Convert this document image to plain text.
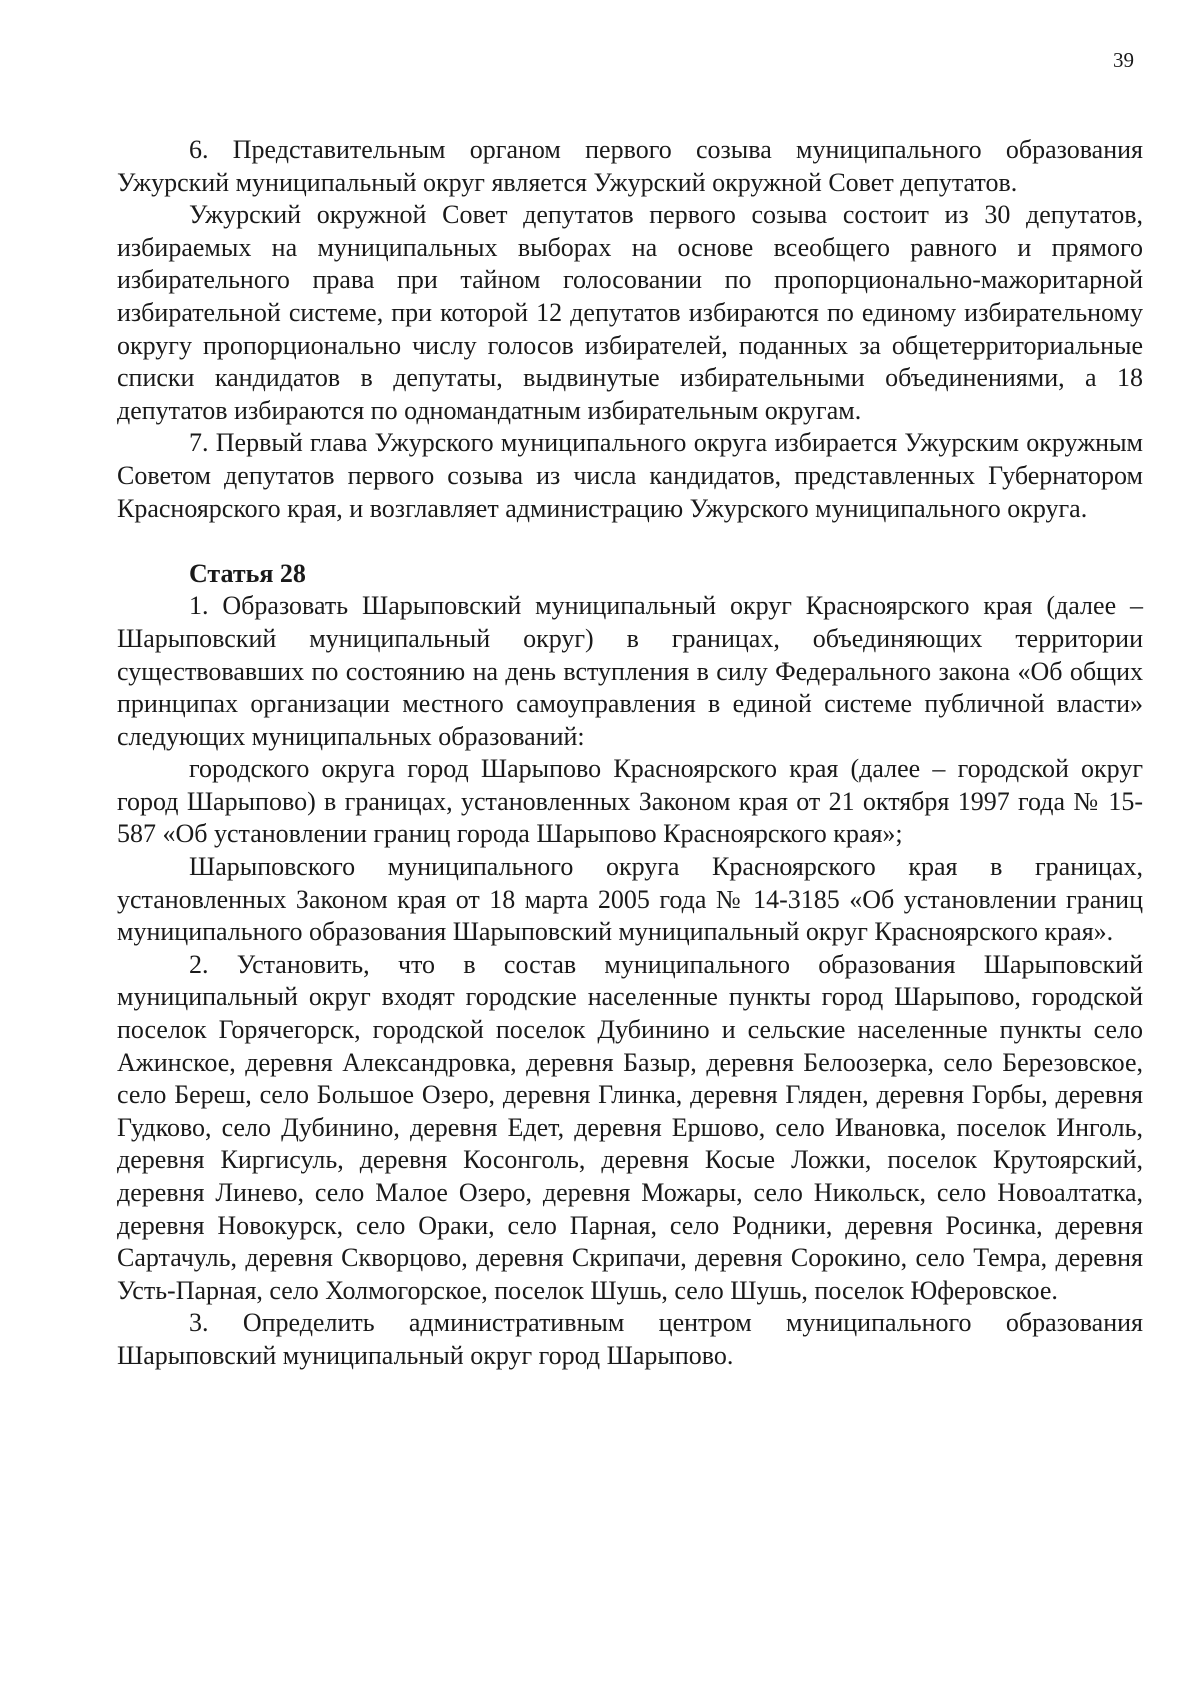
39

6. Представительным органом первого созыва муниципального образования Ужурский муниципальный округ является Ужурский окружной Совет депутатов.

Ужурский окружной Совет депутатов первого созыва состоит из 30 депутатов, избираемых на муниципальных выборах на основе всеобщего равного и прямого избирательного права при тайном голосовании по пропорционально-мажоритарной избирательной системе, при которой 12 депутатов избираются по единому избирательному округу пропорционально числу голосов избирателей, поданных за общетерриториальные списки кандидатов в депутаты, выдвинутые избирательными объединениями, а 18 депутатов избираются по одномандатным избирательным округам.

7. Первый глава Ужурского муниципального округа избирается Ужурским окружным Советом депутатов первого созыва из числа кандидатов, представленных Губернатором Красноярского края, и возглавляет администрацию Ужурского муниципального округа.

Статья 28

1. Образовать Шарыповский муниципальный округ Красноярского края (далее – Шарыповский муниципальный округ) в границах, объединяющих территории существовавших по состоянию на день вступления в силу Федерального закона «Об общих принципах организации местного самоуправления в единой системе публичной власти» следующих муниципальных образований:

городского округа город Шарыпово Красноярского края (далее – городской округ город Шарыпово) в границах, установленных Законом края от 21 октября 1997 года № 15-587 «Об установлении границ города Шарыпово Красноярского края»;

Шарыповского муниципального округа Красноярского края в границах, установленных Законом края от 18 марта 2005 года № 14-3185 «Об установлении границ муниципального образования Шарыповский муниципальный округ Красноярского края».

2. Установить, что в состав муниципального образования Шарыповский муниципальный округ входят городские населенные пункты город Шарыпово, городской поселок Горячегорск, городской поселок Дубинино и сельские населенные пункты село Ажинское, деревня Александровка, деревня Базыр, деревня Белоозерка, село Березовское, село Береш, село Большое Озеро, деревня Глинка, деревня Гляден, деревня Горбы, деревня Гудково, село Дубинино, деревня Едет, деревня Ершово, село Ивановка, поселок Инголь, деревня Киргисуль, деревня Косонголь, деревня Косые Ложки, поселок Крутоярский, деревня Линево, село Малое Озеро, деревня Можары, село Никольск, село Новоалтатка, деревня Новокурск, село Ораки, село Парная, село Родники, деревня Росинка, деревня Сартачуль, деревня Скворцово, деревня Скрипачи, деревня Сорокино, село Темра, деревня Усть-Парная, село Холмогорское, поселок Шушь, село Шушь, поселок Юферовское.

3. Определить административным центром муниципального образования Шарыповский муниципальный округ город Шарыпово.
